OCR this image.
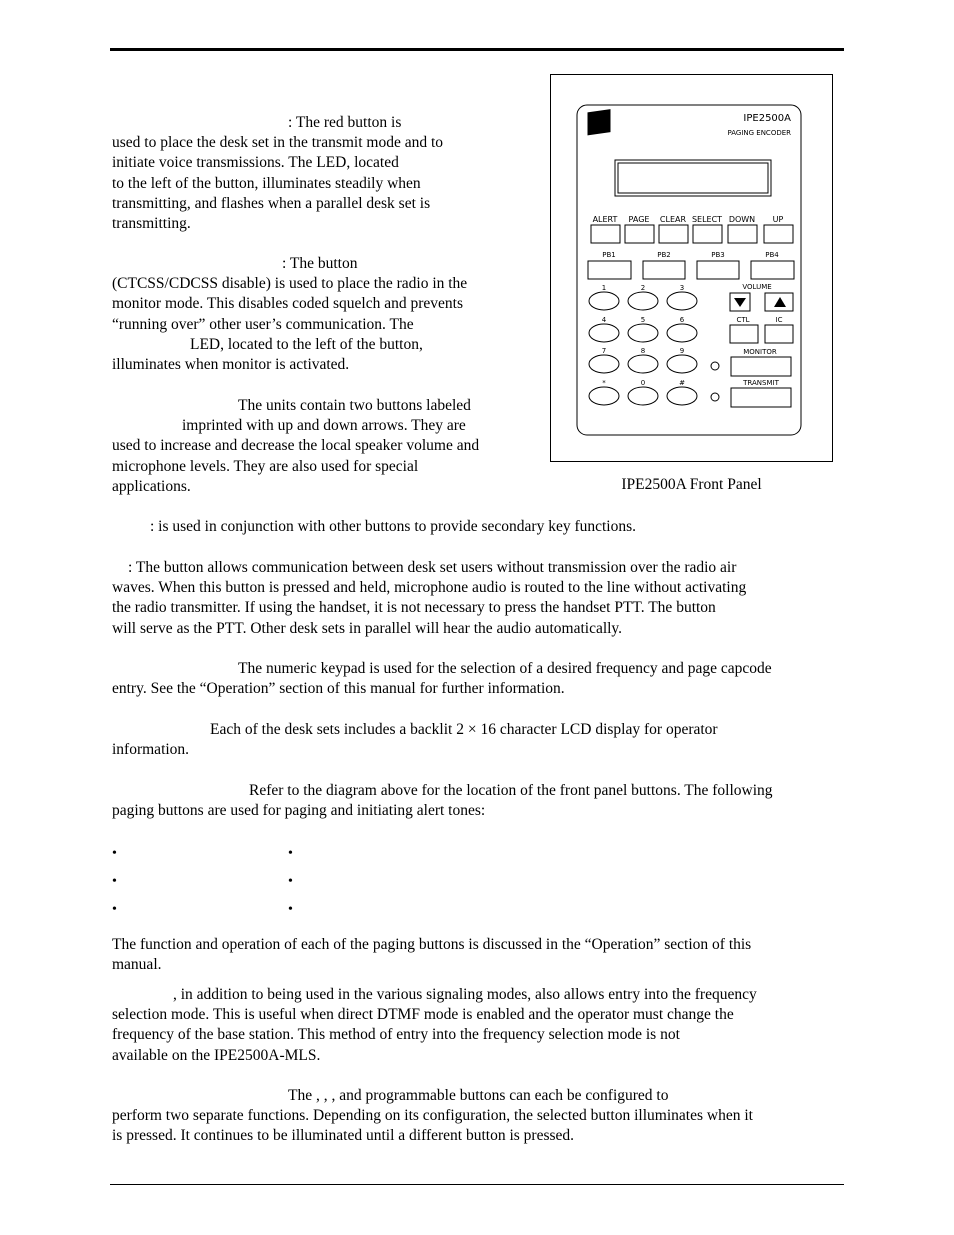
: The red button is
used to place the desk set in the transmit mode and to
initiate voice transmissions. The LED, located
to the left of the button, illuminates steadily when
transmitting, and flashes when a parallel desk set is
transmitting.
: The button
(CTCSS/CDCSS disable) is used to place the radio in the
monitor mode. This disables coded squelch and prevents
“running over” other user’s communication. The
LED, located to the left of the button,
illuminates when monitor is activated.
The units contain two buttons labeled
imprinted with up and down arrows. They are
used to increase and decrease the local speaker volume and
microphone levels. They are also used for special
applications.
IPE2500A
PAGING ENCODER
ALERT PAGE CLEAR SELECT DOWN UP
PB1	PB2	PB3	PB4
1	2	3
4	5	6
7	8	9
*	0	#
VOLUME
CTL	IC
MONITOR
TRANSMIT
IPE2500A Front Panel
: is used in conjunction with other buttons to provide secondary key functions.
: The button allows communication between desk set users without transmission over the radio air
waves. When this button is pressed and held, microphone audio is routed to the line without activating
the radio transmitter. If using the handset, it is not necessary to press the handset PTT. The button
will serve as the PTT. Other desk sets in parallel will hear the audio automatically.
The numeric keypad is used for the selection of a desired frequency and page capcode
entry. See the “Operation” section of this manual for further information.
Each of the desk sets includes a backlit 2 × 16 character LCD display for operator
information.
Refer to the diagram above for the location of the front panel buttons. The following
paging buttons are used for paging and initiating alert tones:
•	•
•	•
•	•
The function and operation of each of the paging buttons is discussed in the “Operation” section of this
manual.
, in addition to being used in the various signaling modes, also allows entry into the frequency
selection mode. This is useful when direct DTMF mode is enabled and the operator must change the
frequency of the base station. This method of entry into the frequency selection mode is not
available on the IPE2500A-MLS.
The , , , and programmable buttons can each be configured to
perform two separate functions. Depending on its configuration, the selected button illuminates when it
is pressed. It continues to be illuminated until a different button is pressed.
